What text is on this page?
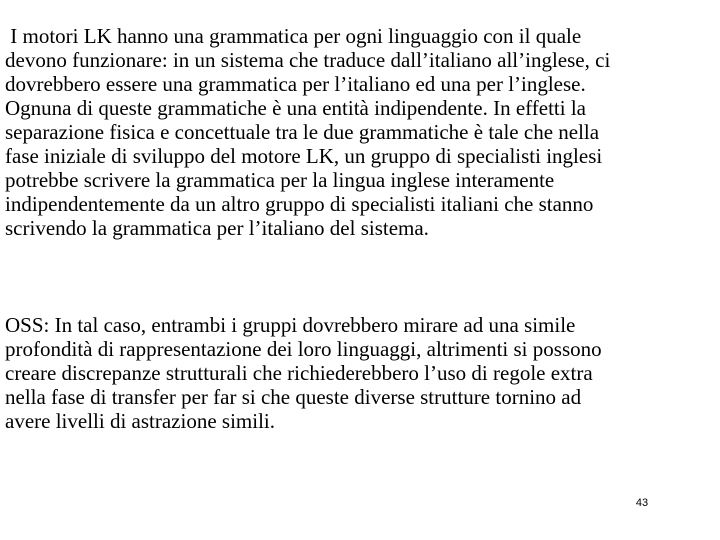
I motori LK hanno una grammatica per ogni linguaggio con il quale
devono funzionare: in un sistema che traduce dall’italiano all’inglese, ci
dovrebbero essere una grammatica per l’italiano ed una per l’inglese.
Ognuna di queste grammatiche è una entità indipendente. In effetti la
separazione fisica e concettuale tra le due grammatiche è tale che nella
fase iniziale di sviluppo del motore LK, un gruppo di specialisti inglesi
potrebbe scrivere la grammatica per la lingua inglese interamente
indipendentemente da un altro gruppo di specialisti italiani che stanno
scrivendo la grammatica per l’italiano del sistema.
OSS: In tal caso, entrambi i gruppi dovrebbero mirare ad una simile
profondità di rappresentazione dei loro linguaggi, altrimenti si possono
creare discrepanze strutturali che richiederebbero l’uso di regole extra
nella fase di transfer per far si che queste diverse strutture tornino ad
avere livelli di astrazione simili.
43
